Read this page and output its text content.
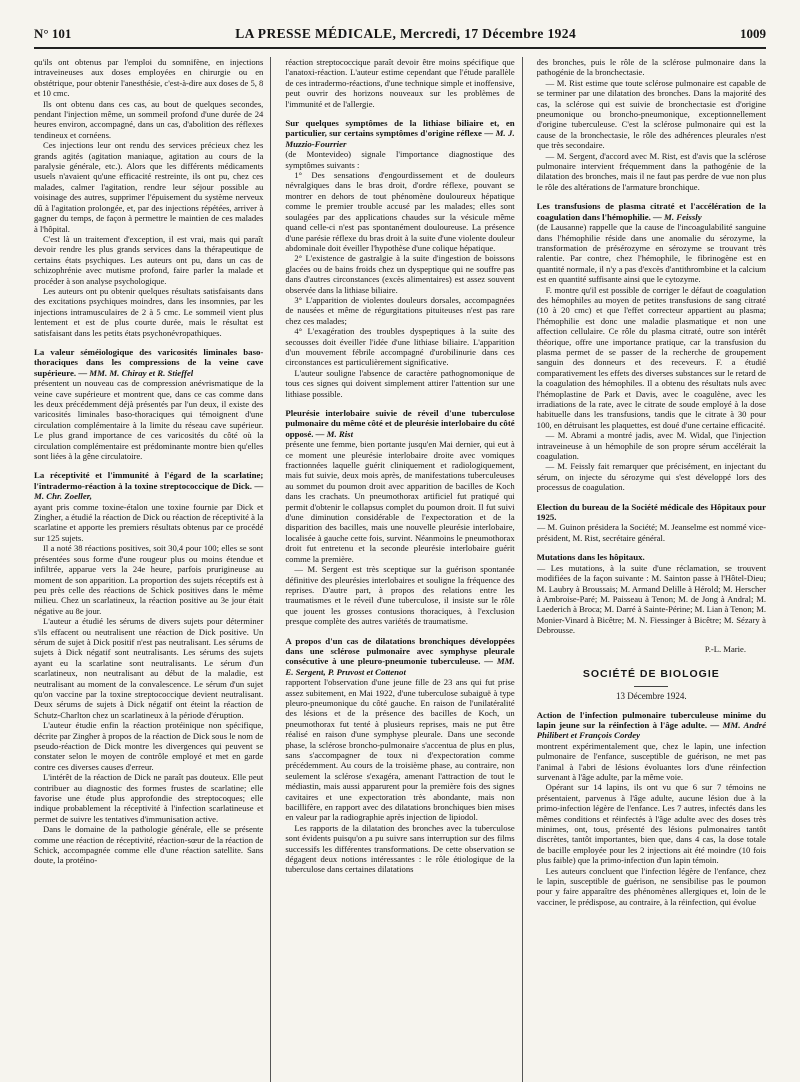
N° 101	LA PRESSE MÉDICALE, Mercredi, 17 Décembre 1924	1009

qu'ils ont obtenus par l'emploi du somnifène, en injections intraveineuses aux doses employées en chirurgie ou en obstétrique, pour obtenir l'anesthésie, c'est-à-dire aux doses de 5, 8 et 10 cmc.

Ils ont obtenu dans ces cas, au bout de quelques secondes, pendant l'injection même, un sommeil profond d'une durée de 24 heures environ, accompagné, dans un cas, d'abolition des réflexes tendineux et cornéens.

Ces injections leur ont rendu des services précieux chez les grands agités (agitation maniaque, agitation au cours de la paralysie générale, etc.). Alors que les différents médicaments usuels n'avaient qu'une efficacité restreinte, ils ont pu, chez ces malades, calmer l'agitation, rendre leur séjour possible au voisinage des autres, supprimer l'épuisement du système nerveux dû à l'agitation prolongée, et, par des injections répétées, arriver à gagner du temps, de façon à permettre le maintien de ces malades à l'hôpital.

C'est là un traitement d'exception, il est vrai, mais qui paraît devoir rendre les plus grands services dans la thérapeutique de certains états psychiques. Les auteurs ont pu, dans un cas de schizophrénie avec mutisme profond, faire parler la malade et procéder à son analyse psychologique.

Les auteurs ont pu obtenir quelques résultats satisfaisants dans des excitations psychiques moindres, dans les insomnies, par les injections intramusculaires de 2 à 5 cmc. Le sommeil vient plus lentement et est de plus courte durée, mais le résultat est satisfaisant dans les petits états psychonévropathiques.

La valeur séméiologique des varicosités liminales baso-thoraciques dans les compressions de la veine cave supérieure. — MM. M. Chiray et R. Stieffel

présentent un nouveau cas de compression anévrismatique de la veine cave supérieure et montrent que, dans ce cas comme dans les deux précédemment déjà présentés par l'un deux, il existe des varicosités liminales baso-thoraciques qui témoignent d'une circulation complémentaire à la limite du réseau cave supérieur. Le plus grand importance de ces varicosités du côté où la circulation complémentaire est prédominante montre bien qu'elles sont liées à la gêne circulatoire.

La réceptivité et l'immunité à l'égard de la scarlatine; l'intradermo-réaction à la toxine streptococcique de Dick. — M. Chr. Zoeller,

ayant pris comme toxine-étalon une toxine fournie par Dick et Zingher, a étudié la réaction de Dick ou réaction de réceptivité à la scarlatine et apporte les premiers résultats obtenus par ce procédé sur 125 sujets.

Il a noté 38 réactions positives, soit 30,4 pour 100; elles se sont présentées sous forme d'une rougeur plus ou moins étendue et infiltrée, apparue vers la 24e heure, parfois prurigineuse au moment de son apparition. La proportion des sujets réceptifs est à peu près celle des réactions de Schick positives dans le même milieu. Chez un scarlatineux, la réaction positive au 3e jour était négative au 8e jour.

L'auteur a étudié les sérums de divers sujets pour déterminer s'ils effacent ou neutralisent une réaction de Dick positive. Un sérum de sujet à Dick positif n'est pas neutralisant. Les sérums de sujets à Dick négatif sont neutralisants. Les sérums des sujets ayant eu la scarlatine sont neutralisants. Le sérum d'un scarlatineux, non neutralisant au début de la maladie, est neutralisant au moment de la convalescence. Le sérum d'un sujet qu'on vaccine par la toxine streptococcique devient neutralisant. Deux sérums de sujets à Dick négatif ont éteint la réaction de Schutz-Charlton chez un scarlatineux à la période d'éruption.

L'auteur étudie enfin la réaction protéinique non spécifique, décrite par Zingher à propos de la réaction de Dick sous le nom de pseudo-réaction de Dick montre les divergences qui peuvent se constater selon le moyen de contrôle employé et met en garde contre ces diverses causes d'erreur.

L'intérêt de la réaction de Dick ne paraît pas douteux. Elle peut contribuer au diagnostic des formes frustes de scarlatine; elle favorise une étude plus approfondie des streptocoques; elle indique probablement la réceptivité à l'infection scarlatineuse et permet de suivre les tentatives d'immunisation active.

Dans le domaine de la pathologie générale, elle se présente comme une réaction de réceptivité, réaction-sœur de la réaction de Schick, accompagnée comme elle d'une réaction satellite. Sans doute, la protéino-

réaction streptococcique paraît devoir être moins spécifique que l'anatoxi-réaction. L'auteur estime cependant que l'étude parallèle de ces intradermo-réactions, d'une technique simple et inoffensive, peut ouvrir des horizons nouveaux sur les problèmes de l'immunité et de l'allergie.

Sur quelques symptômes de la lithiase biliaire et, en particulier, sur certains symptômes d'origine réflexe — M. J. Muzzio-Fourrier

(de Montevideo) signale l'importance diagnostique des symptômes suivants :

1° Des sensations d'engourdissement et de douleurs névralgiques dans le bras droit, d'ordre réflexe, pouvant se montrer en dehors de tout phénomène douloureux hépatique comme le premier trouble accusé par les malades; elles sont soulagées par des applications chaudes sur la vésicule même quand celle-ci n'est pas spontanément douloureuse. La présence d'une parésie réflexe du bras droit à la suite d'une violente douleur abdominale doit éveiller l'hypothèse d'une colique hépatique.

2° L'existence de gastralgie à la suite d'ingestion de boissons glacées ou de bains froids chez un dyspeptique qui ne souffre pas dans d'autres circonstances (excès alimentaires) est assez souvent observée dans la lithiase biliaire.

3° L'apparition de violentes douleurs dorsales, accompagnées de nausées et même de régurgitations pituiteuses n'est pas rare chez ces malades;

4° L'exagération des troubles dyspeptiques à la suite des secousses doit éveiller l'idée d'une lithiase biliaire. L'apparition d'un mouvement fébrile accompagné d'urobilinurie dans ces circonstances est particulièrement significative.

L'auteur souligne l'absence de caractère pathognomonique de tous ces signes qui doivent simplement attirer l'attention sur une lithiase possible.

Pleurésie interlobaire suivie de réveil d'une tuberculose pulmonaire du même côté et de pleurésie interlobaire du côté opposé. — M. Rist

présente une femme, bien portante jusqu'en Mai dernier, qui eut à ce moment une pleurésie interlobaire droite avec vomiques fractionnées laquelle guérit cliniquement et radiologiquement, mais fut suivie, deux mois après, de manifestations tuberculeuses au sommet du poumon droit avec apparition de bacilles de Koch dans les crachats. Un pneumothorax artificiel fut pratiqué qui permit d'obtenir le collapsus complet du poumon droit. Il fut suivi d'une diminution considérable de l'expectoration et de la disparition des bacilles, mais une nouvelle pleurésie interlobaire, localisée à gauche cette fois, survint. Néanmoins le pneumothorax droit fut entretenu et la seconde pleurésie interlobaire guérit comme la première.

— M. Sergent est très sceptique sur la guérison spontanée définitive des pleurésies interlobaires et souligne la fréquence des reprises. D'autre part, à propos des relations entre les traumatismes et le réveil d'une tuberculose, il insiste sur le rôle que jouent les grosses contusions thoraciques, à l'exclusion presque complète des autres variétés de traumatisme.

A propos d'un cas de dilatations bronchiques développées dans une sclérose pulmonaire avec symphyse pleurale consécutive à une pleuro-pneumonie tuberculeuse. — MM. E. Sergent, P. Pruvost et Cottenot

rapportent l'observation d'une jeune fille de 23 ans qui fut prise assez subitement, en Mai 1922, d'une tuberculose subaiguë à type pleuro-pneumonique du côté gauche. En raison de l'unilatéralité des lésions et de la présence des bacilles de Koch, un pneumothorax fut tenté à plusieurs reprises, mais ne put être réalisé en raison d'une symphyse pleurale. Dans une seconde phase, la sclérose broncho-pulmonaire s'accentua de plus en plus, sans s'accompagner de toux ni d'expectoration comme précédemment. Au cours de la troisième phase, au contraire, non seulement la sclérose s'exagéra, amenant l'attraction de tout le médiastin, mais aussi apparurent pour la première fois des signes cavitaires et une expectoration très abondante, mais non bacillifère, en rapport avec des dilatations bronchiques bien mises en valeur par la radiographie après injection de lipiodol.

Les rapports de la dilatation des bronches avec la tuberculose sont évidents puisqu'on a pu suivre sans interruption sur des films successifs les différentes transformations. De cette observation se dégagent deux notions intéressantes : le rôle étiologique de la tuberculose dans certaines dilatations

des bronches, puis le rôle de la sclérose pulmonaire dans la pathogénie de la bronchectasie.

— M. Rist estime que toute sclérose pulmonaire est capable de se terminer par une dilatation des bronches. Dans la majorité des cas, la sclérose qui est suivie de bronchectasie est d'origine pneumonique ou broncho-pneumonique, exceptionnellement d'origine tuberculeuse. C'est la sclérose pulmonaire qui est la cause de la bronchectasie, le rôle des adhérences pleurales n'est que très secondaire.

— M. Sergent, d'accord avec M. Rist, est d'avis que la sclérose pulmonaire intervient fréquemment dans la pathogénie de la dilatation des bronches, mais il ne faut pas perdre de vue non plus le rôle des altérations de l'armature bronchique.

Les transfusions de plasma citraté et l'accélération de la coagulation dans l'hémophilie. — M. Feissly

(de Lausanne) rappelle que la cause de l'incoagulabilité sanguine dans l'hémophilie réside dans une anomalie du sérozyme, la transformation de présérozyme en sérozyme se trouvant très ralentie. Par contre, chez l'hémophile, le fibrinogène est en quantité normale, il n'y a pas d'excès d'antithrombine et la calcium est en quantité suffisante ainsi que le cytozyme.

F. montre qu'il est possible de corriger le défaut de coagulation des hémophiles au moyen de petites transfusions de sang citraté (10 à 20 cmc) et que l'effet correcteur appartient au plasma; l'hémophilie est donc une maladie plasmatique et non une affection cellulaire. Ce rôle du plasma citraté, outre son intérêt théorique, offre une importance pratique, car la transfusion du plasma permet de se passer de la recherche de groupement sanguin des donneurs et des receveurs. F. a étudié comparativement les effets des diverses substances sur le retard de la coagulation des hémophiles. Il a obtenu des résultats nuls avec l'hémoplastine de Park et Davis, avec le coagulène, avec les irradiations de la rate, avec le citrate de soude employé à la dose habituelle dans les transfusions, tandis que le citrate à 30 pour 100, en détruisant les plaquettes, est doué d'une certaine efficacité.

— M. Abrami a montré jadis, avec M. Widal, que l'injection intraveineuse à un hémophile de son propre sérum accélérait la coagulation.

— M. Feissly fait remarquer que précisément, en injectant du sérum, on injecte du sérozyme qui s'est développé lors des processus de coagulation.

Election du bureau de la Société médicale des Hôpitaux pour 1925.

— M. Guinon présidera la Société; M. Jeanselme est nommé vice-président, M. Rist, secrétaire général.

Mutations dans les hôpitaux.

— Les mutations, à la suite d'une réclamation, se trouvent modifiées de la façon suivante : M. Sainton passe à l'Hôtel-Dieu; M. Laubry à Broussais; M. Armand Delille à Hérold; M. Herscher à Ambroise-Paré; M. Paisseau à Tenon; M. de Jong à Andral; M. Laederich à Broca; M. Darré à Sainte-Périne; M. Lian à Tenon; M. Monier-Vinard à Bicêtre; M. N. Fiessinger à Bicêtre; M. Sézary à Debrousse.

P.-L. Marie.
SOCIÉTÉ DE BIOLOGIE
13 Décembre 1924.
Action de l'infection pulmonaire tuberculeuse minime du lapin jeune sur la réinfection à l'âge adulte. — MM. André Philibert et François Cordey

montrent expérimentalement que, chez le lapin, une infection pulmonaire de l'enfance, susceptible de guérison, ne met pas l'animal à l'abri de lésions évoluantes lors d'une réinfection survenant à l'âge adulte, par la même voie.

Opérant sur 14 lapins, ils ont vu que 6 sur 7 témoins ne présentaient, parvenus à l'âge adulte, aucune lésion due à la primo-infection légère de l'enfance. Les 7 autres, infectés dans les mêmes conditions et réinfectés à l'âge adulte avec des doses très minimes, ont, tous, présenté des lésions pulmonaires tantôt discrètes, tantôt importantes, bien que, dans 4 cas, la dose totale de bacille employée pour les 2 injections ait été moindre (10 fois plus faible) que la primo-infection d'un lapin témoin.

Les auteurs concluent que l'infection légère de l'enfance, chez le lapin, susceptible de guérison, ne sensibilise pas le poumon pour y faire apparaître des phénomènes allergiques et, loin de le vacciner, le prédispose, au contraire, à la réinfection, qui évolue
